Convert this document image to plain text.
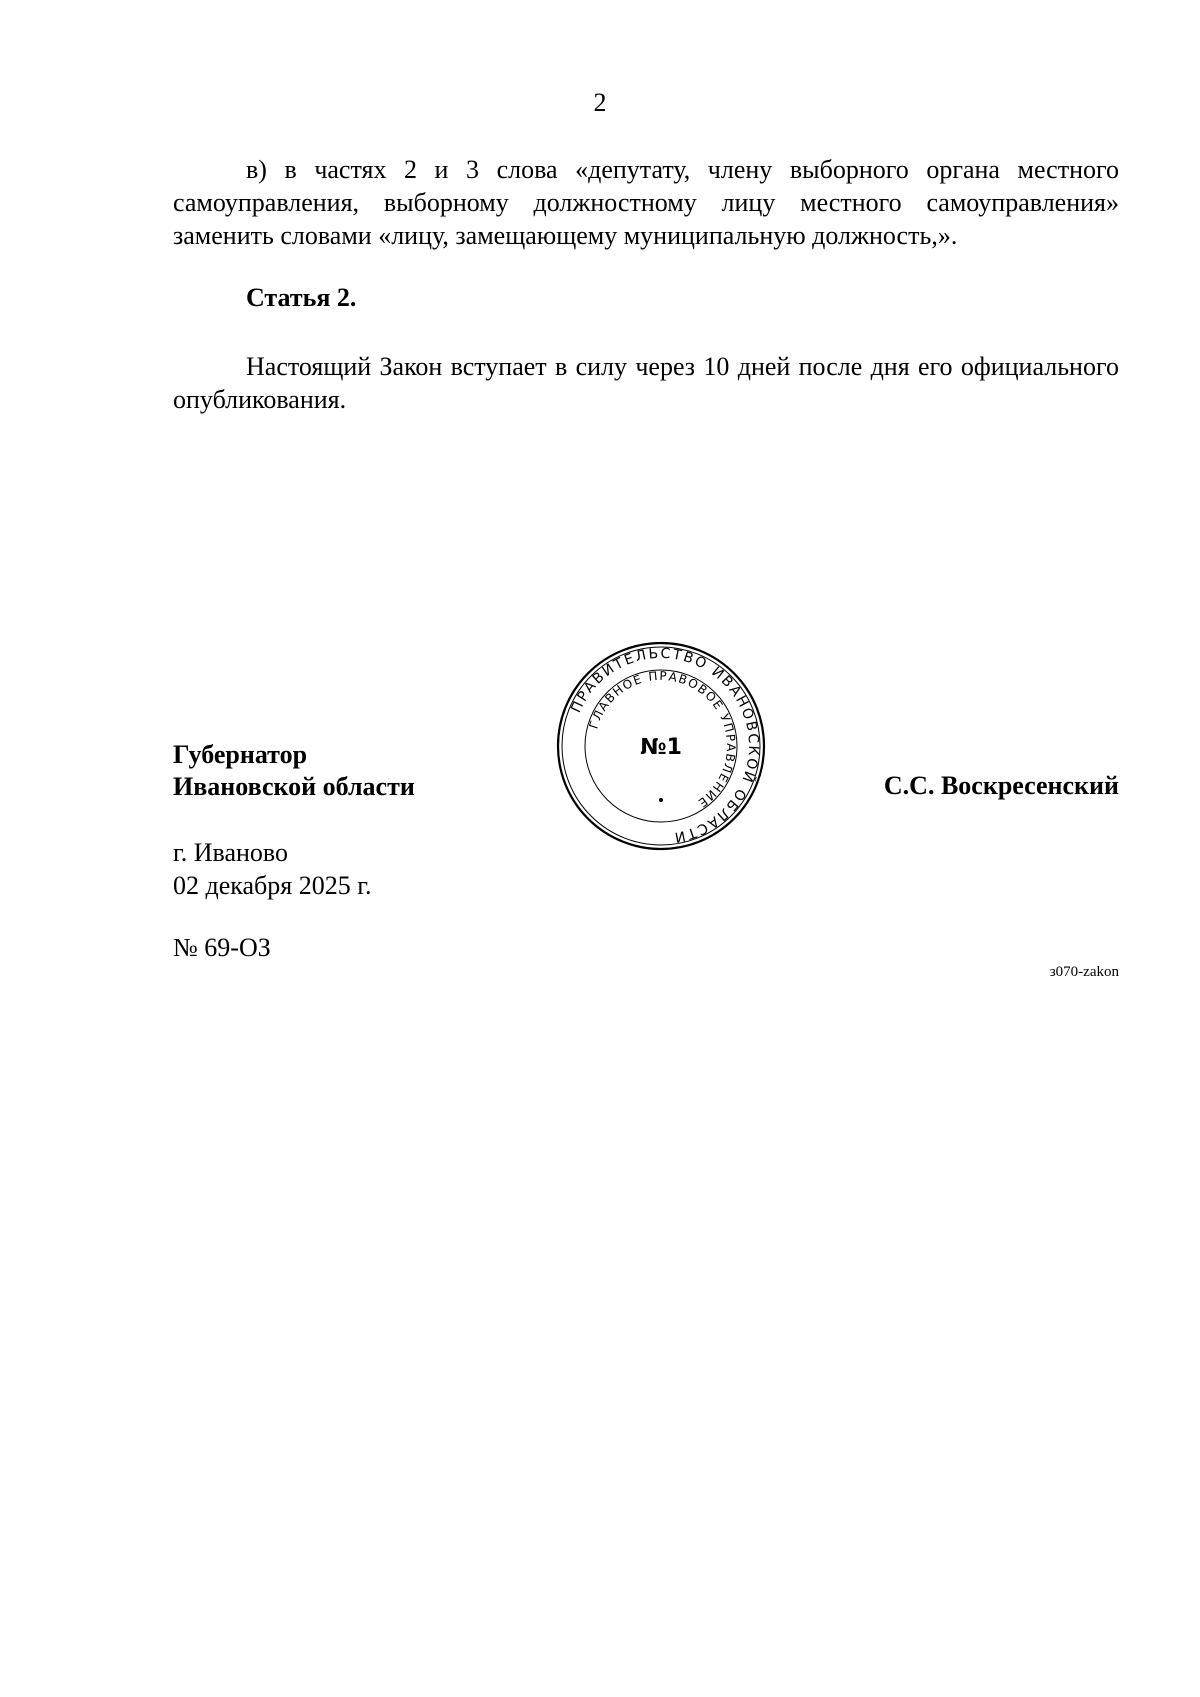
2

в) в частях 2 и 3 слова «депутату, члену выборного органа местного самоуправления, выборному должностному лицу местного самоуправления» заменить словами «лицу, замещающему муниципальную должность,».

Статья 2.

Настоящий Закон вступает в силу через 10 дней после дня его официального опубликования.

ПРАВИТЕЛЬСТВО ИВАНОВСКОЙ ОБЛАСТИ
ГЛАВНОЕ ПРАВОВОЕ УПРАВЛЕНИЕ
№1
Губернатор
Ивановской области	С.С. Воскресенский
г. Иваново
02 декабря 2025 г.
№ 69-ОЗ
з070-zakon
